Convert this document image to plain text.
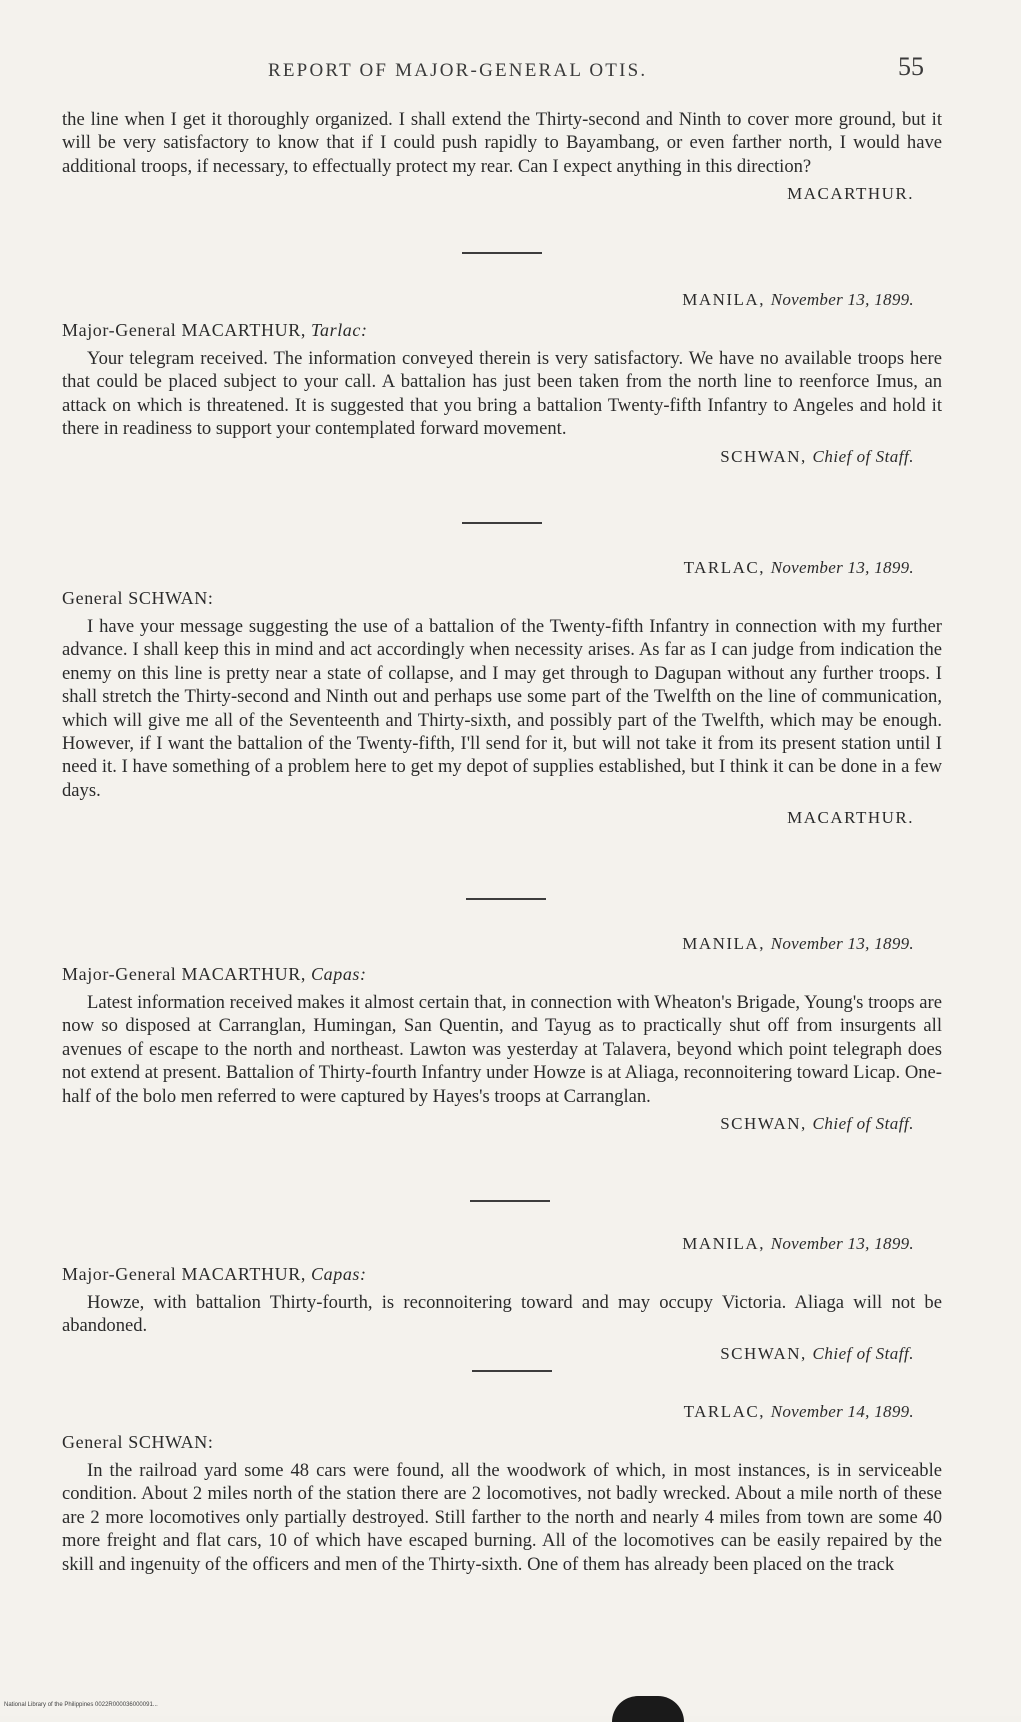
REPORT OF MAJOR-GENERAL OTIS.	55

the line when I get it thoroughly organized. I shall extend the Thirty-second and Ninth to cover more ground, but it will be very satisfactory to know that if I could push rapidly to Bayambang, or even farther north, I would have additional troops, if necessary, to effectually protect my rear. Can I expect anything in this direction?

MACARTHUR.
MANILA, November 13, 1899.
Major-General MACARTHUR, Tarlac:

Your telegram received. The information conveyed therein is very satisfactory. We have no available troops here that could be placed subject to your call. A battalion has just been taken from the north line to reenforce Imus, an attack on which is threatened. It is suggested that you bring a battalion Twenty-fifth Infantry to Angeles and hold it there in readiness to support your contemplated forward movement.

SCHWAN, Chief of Staff.
TARLAC, November 13, 1899.
General SCHWAN:

I have your message suggesting the use of a battalion of the Twenty-fifth Infantry in connection with my further advance. I shall keep this in mind and act accordingly when necessity arises. As far as I can judge from indication the enemy on this line is pretty near a state of collapse, and I may get through to Dagupan without any further troops. I shall stretch the Thirty-second and Ninth out and perhaps use some part of the Twelfth on the line of communication, which will give me all of the Seventeenth and Thirty-sixth, and possibly part of the Twelfth, which may be enough. However, if I want the battalion of the Twenty-fifth, I'll send for it, but will not take it from its present station until I need it. I have something of a problem here to get my depot of supplies established, but I think it can be done in a few days.

MACARTHUR.
MANILA, November 13, 1899.
Major-General MACARTHUR, Capas:

Latest information received makes it almost certain that, in connection with Wheaton's Brigade, Young's troops are now so disposed at Carranglan, Humingan, San Quentin, and Tayug as to practically shut off from insurgents all avenues of escape to the north and northeast. Lawton was yesterday at Talavera, beyond which point telegraph does not extend at present. Battalion of Thirty-fourth Infantry under Howze is at Aliaga, reconnoitering toward Licap. One-half of the bolo men referred to were captured by Hayes's troops at Carranglan.

SCHWAN, Chief of Staff.
MANILA, November 13, 1899.
Major-General MACARTHUR, Capas:

Howze, with battalion Thirty-fourth, is reconnoitering toward and may occupy Victoria. Aliaga will not be abandoned.

SCHWAN, Chief of Staff.
TARLAC, November 14, 1899.
General SCHWAN:

In the railroad yard some 48 cars were found, all the woodwork of which, in most instances, is in serviceable condition. About 2 miles north of the station there are 2 locomotives, not badly wrecked. About a mile north of these are 2 more locomotives only partially destroyed. Still farther to the north and nearly 4 miles from town are some 40 more freight and flat cars, 10 of which have escaped burning. All of the locomotives can be easily repaired by the skill and ingenuity of the officers and men of the Thirty-sixth. One of them has already been placed on the track

National Library of the Philippines 0022R000036000091...
